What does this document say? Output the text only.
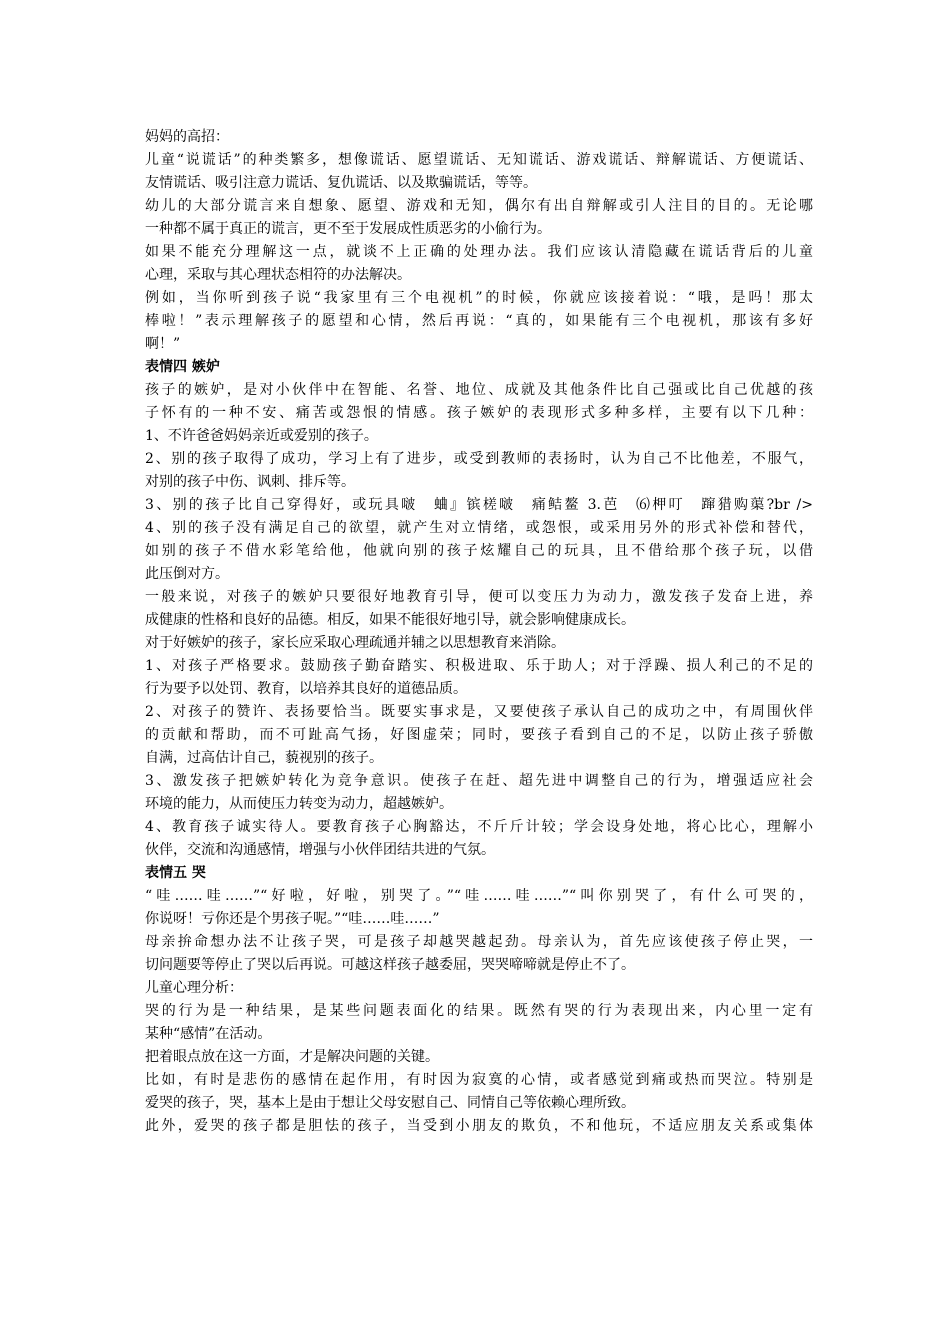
妈妈的高招：
儿童“说谎话”的种类繁多，想像谎话、愿望谎话、无知谎话、游戏谎话、辩解谎话、方便谎话、
友情谎话、吸引注意力谎话、复仇谎话、以及欺骗谎话，等等。
幼儿的大部分谎言来自想象、愿望、游戏和无知，偶尔有出自辩解或引人注目的目的。无论哪
一种都不属于真正的谎言，更不至于发展成性质恶劣的小偷行为。
如果不能充分理解这一点，就谈不上正确的处理办法。我们应该认清隐藏在谎话背后的儿童
心理，采取与其心理状态相符的办法解决。
例如，当你听到孩子说“我家里有三个电视机”的时候，你就应该接着说：“哦，是吗！那太
棒啦！”表示理解孩子的愿望和心情，然后再说：“真的，如果能有三个电视机，那该有多好
啊！”
表情四 嫉妒
孩子的嫉妒，是对小伙伴中在智能、名誉、地位、成就及其他条件比自己强或比自己优越的孩
子怀有的一种不安、痛苦或怨恨的情感。孩子嫉妒的表现形式多种多样，主要有以下几种：
1、不许爸爸妈妈亲近或爱别的孩子。
2、别的孩子取得了成功，学习上有了进步，或受到教师的表扬时，认为自己不比他差，不服气，
对别的孩子中伤、讽刺、排斥等。
3、别的孩子比自己穿得好，或玩具啵　蛐』镔槎啵　痛鲒鳌 3.芭　⑹柙叮　蹿猎购蕖?br />
4、别的孩子没有满足自己的欲望，就产生对立情绪，或怨恨，或采用另外的形式补偿和替代，
如别的孩子不借水彩笔给他，他就向别的孩子炫耀自己的玩具，且不借给那个孩子玩，以借
此压倒对方。
一般来说，对孩子的嫉妒只要很好地教育引导，便可以变压力为动力，激发孩子发奋上进，养
成健康的性格和良好的品德。相反，如果不能很好地引导，就会影响健康成长。
对于好嫉妒的孩子，家长应采取心理疏通并辅之以思想教育来消除。
1、对孩子严格要求。鼓励孩子勤奋踏实、积极进取、乐于助人；对于浮躁、损人利己的不足的
行为要予以处罚、教育，以培养其良好的道德品质。
2、对孩子的赞许、表扬要恰当。既要实事求是，又要使孩子承认自己的成功之中，有周围伙伴
的贡献和帮助，而不可趾高气扬，好图虚荣；同时，要孩子看到自己的不足，以防止孩子骄傲
自满，过高估计自己，藐视别的孩子。
3、激发孩子把嫉妒转化为竞争意识。使孩子在赶、超先进中调整自己的行为，增强适应社会
环境的能力，从而使压力转变为动力，超越嫉妒。
4、教育孩子诚实待人。要教育孩子心胸豁达，不斤斤计较；学会设身处地，将心比心，理解小
伙伴，交流和沟通感情，增强与小伙伴团结共进的气氛。
表情五 哭
“哇……哇……”“好啦，好啦，别哭了。”“哇……哇……”“叫你别哭了，有什么可哭的，
你说呀！亏你还是个男孩子呢。”“哇……哇……”
母亲拚命想办法不让孩子哭，可是孩子却越哭越起劲。母亲认为，首先应该使孩子停止哭，一
切问题要等停止了哭以后再说。可越这样孩子越委屈，哭哭啼啼就是停止不了。
儿童心理分析：
哭的行为是一种结果，是某些问题表面化的结果。既然有哭的行为表现出来，内心里一定有
某种“感情”在活动。
把着眼点放在这一方面，才是解决问题的关键。
比如，有时是悲伤的感情在起作用，有时因为寂寞的心情，或者感觉到痛或热而哭泣。特别是
爱哭的孩子，哭，基本上是由于想让父母安慰自己、同情自己等依赖心理所致。
此外，爱哭的孩子都是胆怯的孩子，当受到小朋友的欺负，不和他玩，不适应朋友关系或集体
